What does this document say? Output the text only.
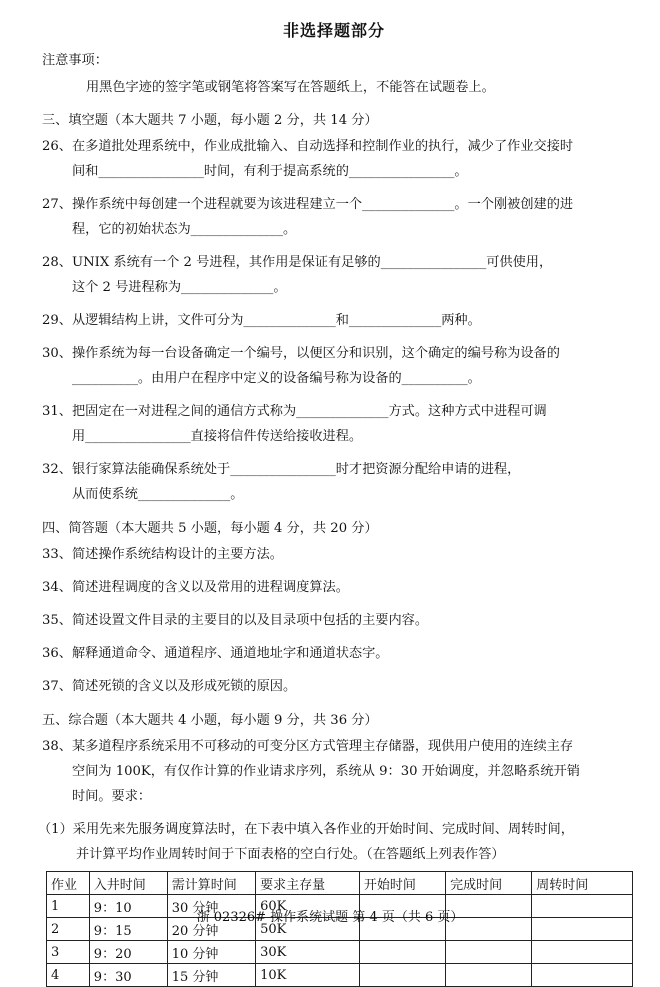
非选择题部分
注意事项：
用黑色字迹的签字笔或钢笔将答案写在答题纸上，不能答在试题卷上。
三、填空题（本大题共 7 小题，每小题 2 分，共 14 分）
26、 在多道批处理系统中，作业成批输入、自动选择和控制作业的执行，减少了作业交接时
间和________________时间，有利于提高系统的________________。
27、 操作系统中每创建一个进程就要为该进程建立一个______________。一个刚被创建的进
程，它的初始状态为______________。
28、 UNIX 系统有一个 2 号进程，其作用是保证有足够的________________可供使用，
这个 2 号进程称为______________。
29、 从逻辑结构上讲，文件可分为______________和______________两种。
30、 操作系统为每一台设备确定一个编号，以便区分和识别，这个确定的编号称为设备的
__________。由用户在程序中定义的设备编号称为设备的__________。
31、 把固定在一对进程之间的通信方式称为______________方式。这种方式中进程可调
用________________直接将信件传送给接收进程。
32、 银行家算法能确保系统处于________________时才把资源分配给申请的进程，
从而使系统______________。
四、简答题（本大题共 5 小题，每小题 4 分，共 20 分）
33、 简述操作系统结构设计的主要方法。
34、 简述进程调度的含义以及常用的进程调度算法。
35、 简述设置文件目录的主要目的以及目录项中包括的主要内容。
36、 解释通道命令、通道程序、通道地址字和通道状态字。
37、 简述死锁的含义以及形成死锁的原因。
五、综合题（本大题共 4 小题，每小题 9 分，共 36 分）
38、 某多道程序系统采用不可移动的可变分区方式管理主存储器，现供用户使用的连续主存
空间为 100K，有仅作计算的作业请求序列，系统从 9：30 开始调度，并忽略系统开销
时间。要求：
（1）采用先来先服务调度算法时，在下表中填入各作业的开始时间、完成时间、周转时间，
并计算平均作业周转时间于下面表格的空白行处。（在答题纸上列表作答）
作业	入井时间	需计算时间	要求主存量	开始时间	完成时间	周转时间
1	9：10	30 分钟	60K			
2	9：15	20 分钟	50K			
3	9：20	10 分钟	30K			
4	9：30	15 分钟	10K			
浙 02326# 操作系统试题 第 4 页（共 6 页）
